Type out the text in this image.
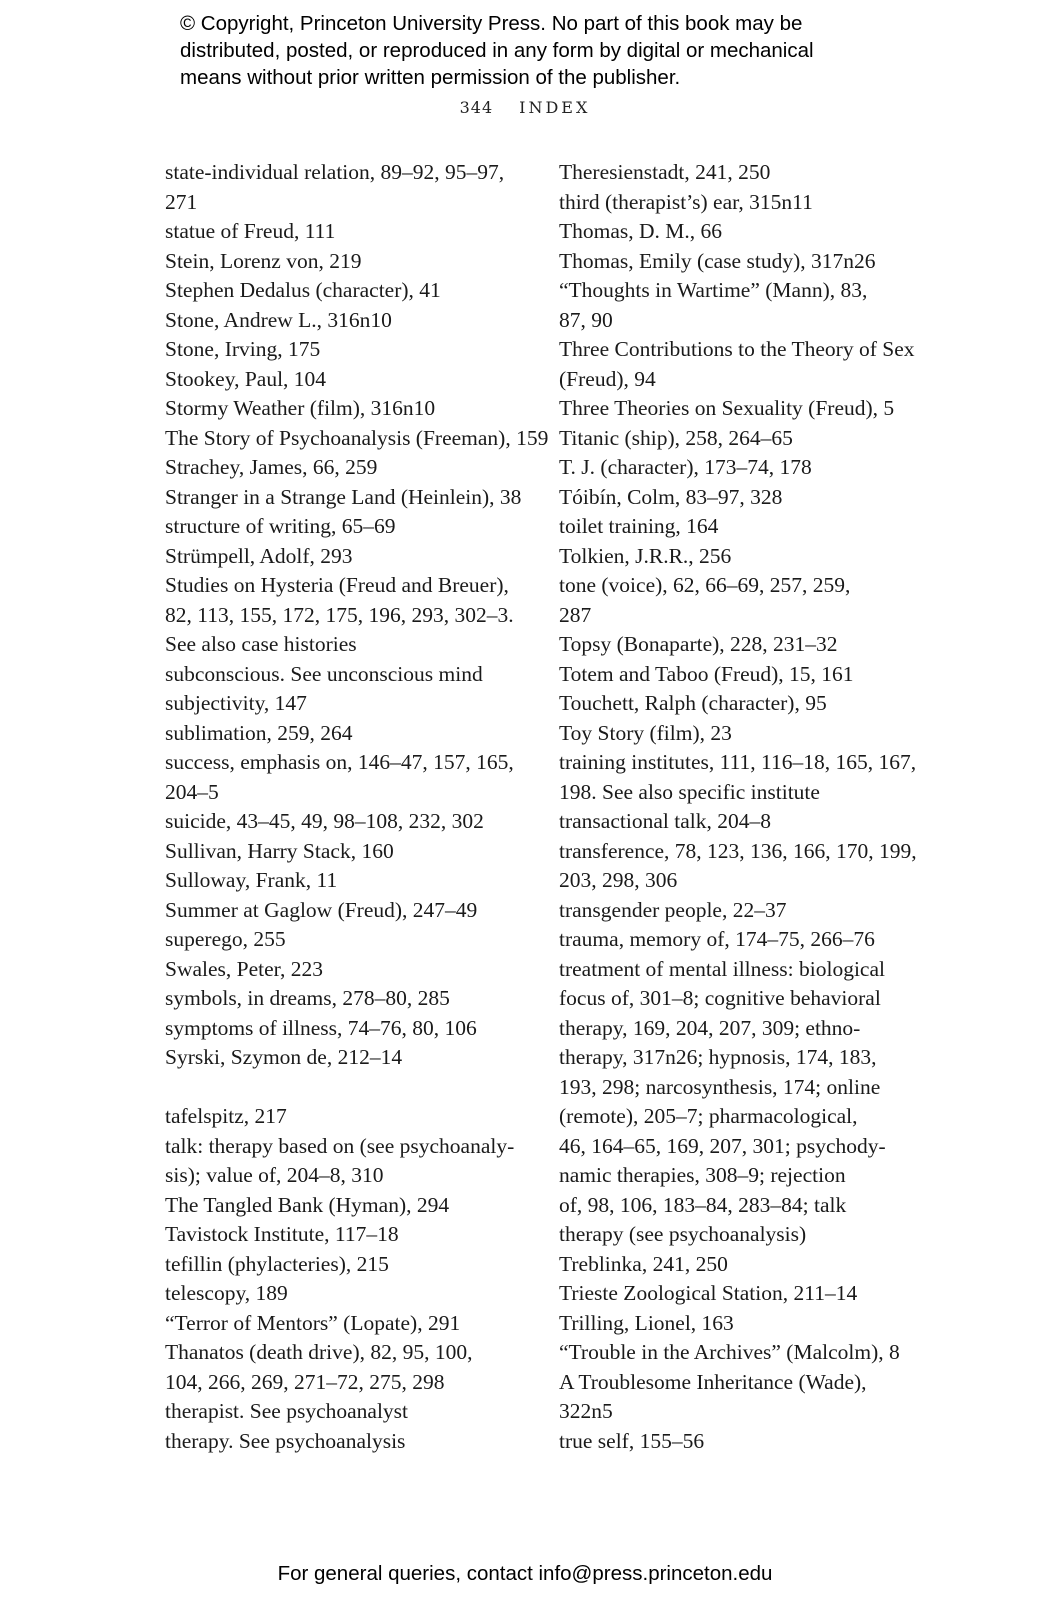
© Copyright, Princeton University Press. No part of this book may be
distributed, posted, or reproduced in any form by digital or mechanical
means without prior written permission of the publisher.
344 INDEX
state-individual relation, 89–92, 95–97,
271
statue of Freud, 111
Stein, Lorenz von, 219
Stephen Dedalus (character), 41
Stone, Andrew L., 316n10
Stone, Irving, 175
Stookey, Paul, 104
Stormy Weather (film), 316n10
The Story of Psychoanalysis (Freeman), 159
Strachey, James, 66, 259
Stranger in a Strange Land (Heinlein), 38
structure of writing, 65–69
Strümpell, Adolf, 293
Studies on Hysteria (Freud and Breuer),
82, 113, 155, 172, 175, 196, 293, 302–3.
See also case histories
subconscious. See unconscious mind
subjectivity, 147
sublimation, 259, 264
success, emphasis on, 146–47, 157, 165,
204–5
suicide, 43–45, 49, 98–108, 232, 302
Sullivan, Harry Stack, 160
Sulloway, Frank, 11
Summer at Gaglow (Freud), 247–49
superego, 255
Swales, Peter, 223
symbols, in dreams, 278–80, 285
symptoms of illness, 74–76, 80, 106
Syrski, Szymon de, 212–14
tafelspitz, 217
talk: therapy based on (see psychoanaly-
sis); value of, 204–8, 310
The Tangled Bank (Hyman), 294
Tavistock Institute, 117–18
tefillin (phylacteries), 215
telescopy, 189
“Terror of Mentors” (Lopate), 291
Thanatos (death drive), 82, 95, 100,
104, 266, 269, 271–72, 275, 298
therapist. See psychoanalyst
therapy. See psychoanalysis
Theresienstadt, 241, 250
third (therapist’s) ear, 315n11
Thomas, D. M., 66
Thomas, Emily (case study), 317n26
“Thoughts in Wartime” (Mann), 83,
87, 90
Three Contributions to the Theory of Sex
(Freud), 94
Three Theories on Sexuality (Freud), 5
Titanic (ship), 258, 264–65
T. J. (character), 173–74, 178
Tóibín, Colm, 83–97, 328
toilet training, 164
Tolkien, J.R.R., 256
tone (voice), 62, 66–69, 257, 259,
287
Topsy (Bonaparte), 228, 231–32
Totem and Taboo (Freud), 15, 161
Touchett, Ralph (character), 95
Toy Story (film), 23
training institutes, 111, 116–18, 165, 167,
198. See also specific institute
transactional talk, 204–8
transference, 78, 123, 136, 166, 170, 199,
203, 298, 306
transgender people, 22–37
trauma, memory of, 174–75, 266–76
treatment of mental illness: biological
focus of, 301–8; cognitive behavioral
therapy, 169, 204, 207, 309; ethno-
therapy, 317n26; hypnosis, 174, 183,
193, 298; narcosynthesis, 174; online
(remote), 205–7; pharmacological,
46, 164–65, 169, 207, 301; psychody-
namic therapies, 308–9; rejection
of, 98, 106, 183–84, 283–84; talk
therapy (see psychoanalysis)
Treblinka, 241, 250
Trieste Zoological Station, 211–14
Trilling, Lionel, 163
“Trouble in the Archives” (Malcolm), 8
A Troublesome Inheritance (Wade),
322n5
true self, 155–56
For general queries, contact info@press.princeton.edu
